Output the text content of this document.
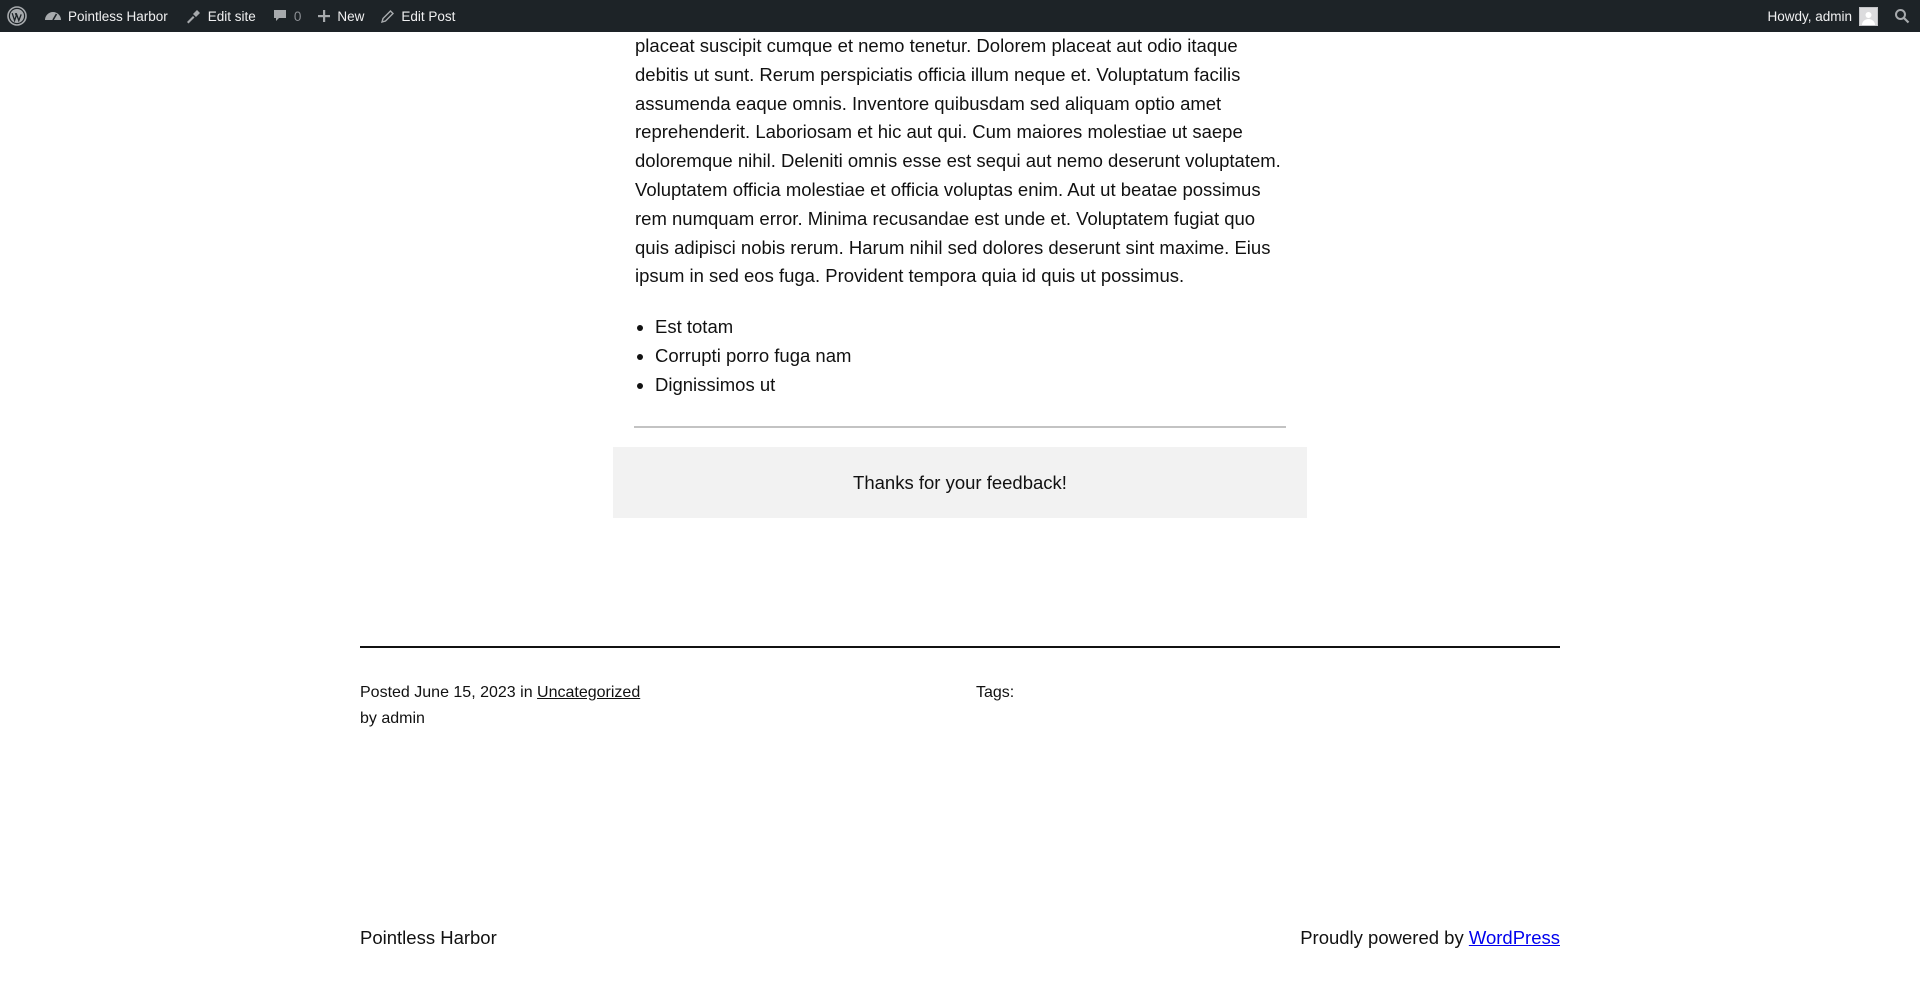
Pointless Harbor	Edit site	0	New	Edit Post	Howdy, admin

placeat suscipit cumque et nemo tenetur. Dolorem placeat aut odio itaque debitis ut sunt. Rerum perspiciatis officia illum neque et. Voluptatum facilis assumenda eaque omnis. Inventore quibusdam sed aliquam optio amet reprehenderit. Laboriosam et hic aut qui. Cum maiores molestiae ut saepe doloremque nihil. Deleniti omnis esse est sequi aut nemo deserunt voluptatem. Voluptatem officia molestiae et officia voluptas enim. Aut ut beatae possimus rem numquam error. Minima recusandae est unde et. Voluptatem fugiat quo quis adipisci nobis rerum. Harum nihil sed dolores deserunt sint maxime. Eius ipsum in sed eos fuga. Provident tempora quia id quis ut possimus.

• Est totam
• Corrupti porro fuga nam
• Dignissimos ut
Thanks for your feedback!
Posted June 15, 2023 in Uncategorized
by admin
Tags:
Pointless Harbor	Proudly powered by WordPress
